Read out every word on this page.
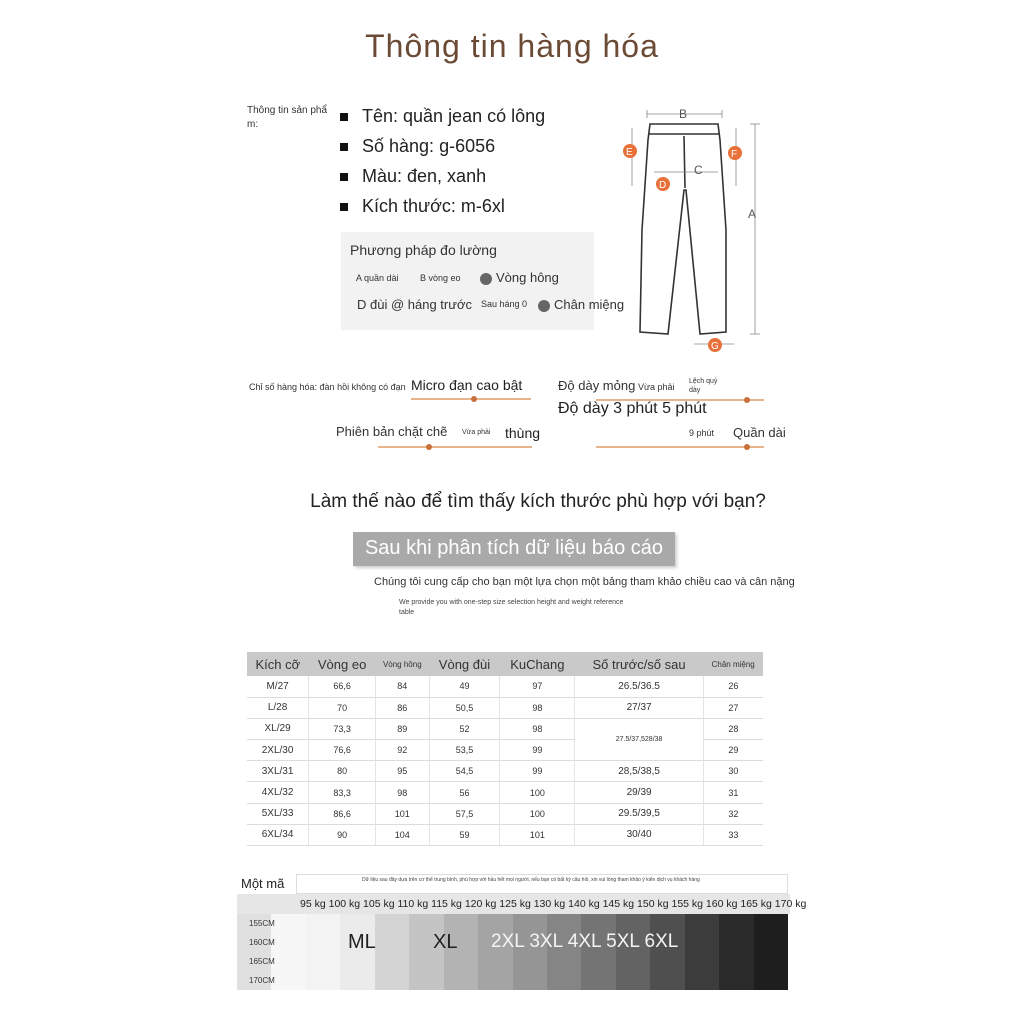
Thông tin hàng hóa
Thông tin sản phẩ m:	Tên: quần jean có lông
Số hàng: g-6056
Màu: đen, xanh
Kích thước: m-6xl
Phương pháp đo lường
A quần dài B vòng eo	Vòng hông
D đùi @ háng trước Sau háng 0	Chân miệng
B
C
A
E	F
D
G
Chỉ số hàng hóa: đàn hồi không có đạn Micro đạn cao bật	Độ dày mỏng Vừa phải
Lệch quý dày
Độ dày 3 phút 5 phút
Phiên bản chặt chẽ Vừa phải thùng	9 phút Quần dài
Làm thế nào để tìm thấy kích thước phù hợp với bạn?
Sau khi phân tích dữ liệu báo cáo
Chúng tôi cung cấp cho bạn một lựa chọn một bảng tham khảo chiều cao và cân nặng
We provide you with one-step size selection height and weight reference table
Kích cỡ	Vòng eo	Vòng hông	Vòng đùi	KuChang	Số trước/số sau	Chân miệng
M/27	66,6	84	49	97	26.5/36.5	26
L/28	70	86	50,5	98	27/37	27
XL/29	73,3	89	52	98	27.5/37,528/38	28
2XL/30	76,6	92	53,5	99		29
3XL/31	80	95	54,5	99	28,5/38,5	30
4XL/32	83,3	98	56	100	29/39	31
5XL/33	86,6	101	57,5	100	29.5/39,5	32
6XL/34	90	104	59	101	30/40	33
Một mã	Dữ liệu sau đây dựa trên cơ thể trung bình, phù hợp với hầu hết mọi người, nếu bạn có bất kỳ câu hỏi, xin vui lòng tham khảo ý kiến dịch vụ khách hàng
95 kg 100 kg 105 kg 110 kg 115 kg 120 kg 125 kg 130 kg 140 kg 145 kg 150 kg 155 kg 160 kg 165 kg 170 kg
155CM
160CM
165CM
170CM
ML	XL 2XL 3XL 4XL 5XL 6XL
